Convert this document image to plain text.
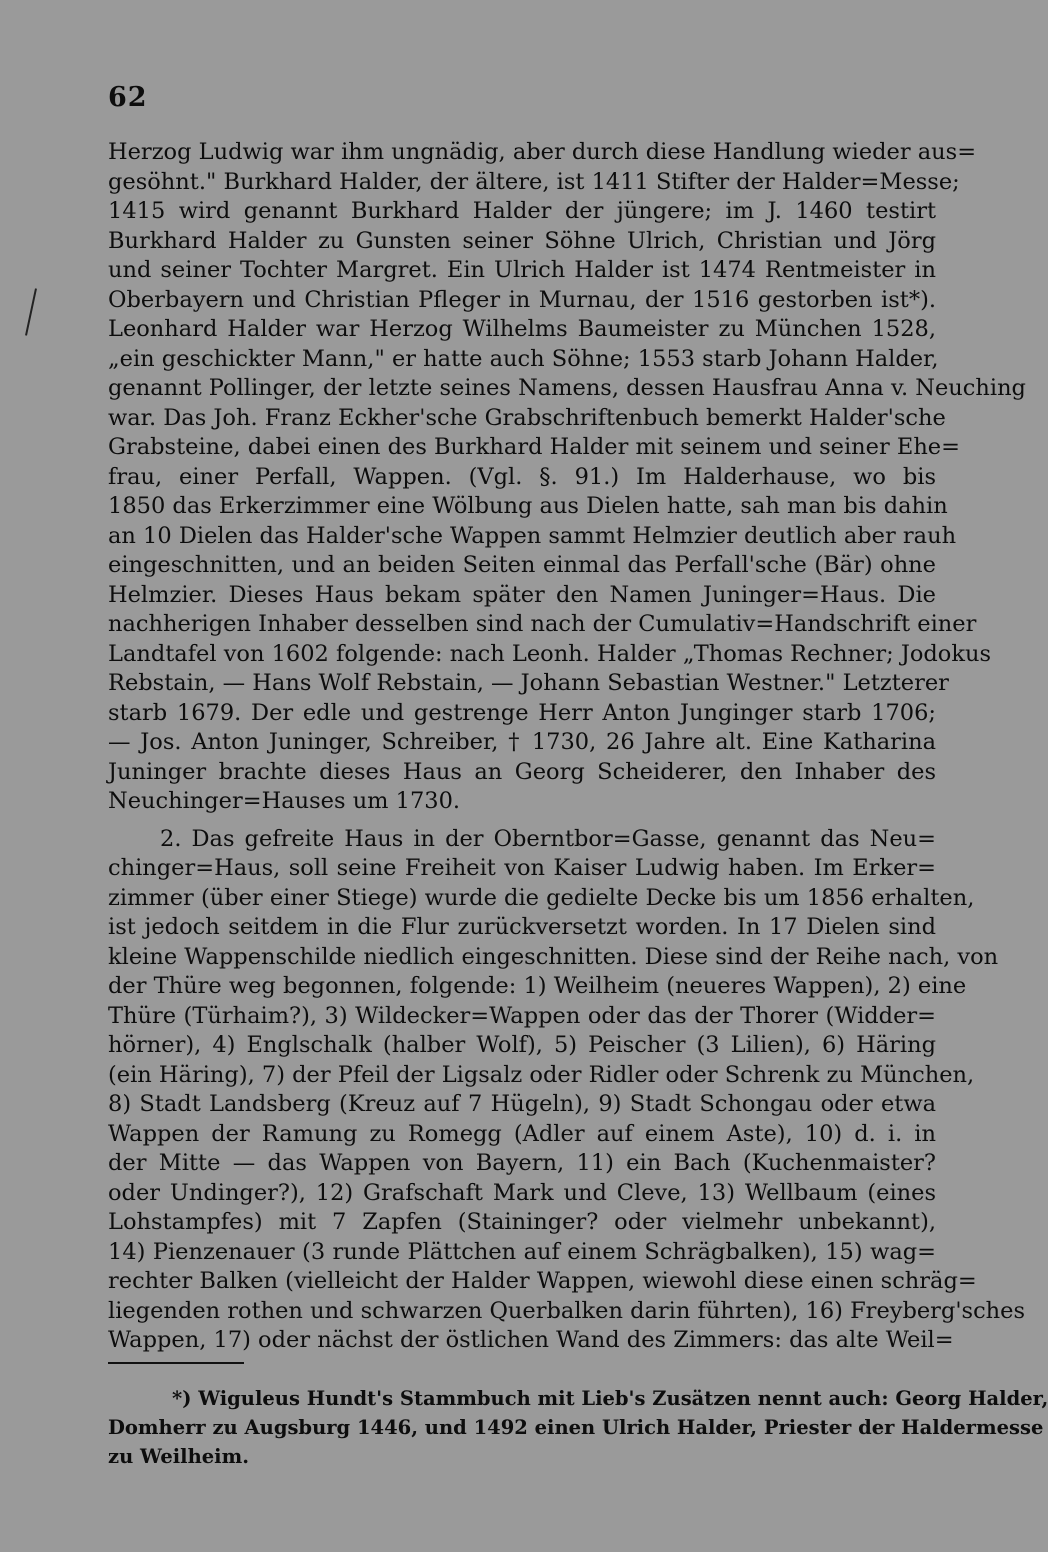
62
Herzog Ludwig war ihm ungnädig, aber durch diese Handlung wieder aus=
gesöhnt." Burkhard Halder, der ältere, ist 1411 Stifter der Halder=Messe;
1415 wird genannt Burkhard Halder der jüngere; im J. 1460 testirt
Burkhard Halder zu Gunsten seiner Söhne Ulrich, Christian und Jörg
und seiner Tochter Margret. Ein Ulrich Halder ist 1474 Rentmeister in
Oberbayern und Christian Pfleger in Murnau, der 1516 gestorben ist*).
Leonhard Halder war Herzog Wilhelms Baumeister zu München 1528,
„ein geschickter Mann," er hatte auch Söhne; 1553 starb Johann Halder,
genannt Pollinger, der letzte seines Namens, dessen Hausfrau Anna v. Neuching
war. Das Joh. Franz Eckher'sche Grabschriftenbuch bemerkt Halder'sche
Grabsteine, dabei einen des Burkhard Halder mit seinem und seiner Ehe=
frau, einer Perfall, Wappen. (Vgl. §. 91.) Im Halderhause, wo bis
1850 das Erkerzimmer eine Wölbung aus Dielen hatte, sah man bis dahin
an 10 Dielen das Halder'sche Wappen sammt Helmzier deutlich aber rauh
eingeschnitten, und an beiden Seiten einmal das Perfall'sche (Bär) ohne
Helmzier. Dieses Haus bekam später den Namen Juninger=Haus. Die
nachherigen Inhaber desselben sind nach der Cumulativ=Handschrift einer
Landtafel von 1602 folgende: nach Leonh. Halder „Thomas Rechner; Jodokus
Rebstain, — Hans Wolf Rebstain, — Johann Sebastian Westner." Letzterer
starb 1679. Der edle und gestrenge Herr Anton Junginger starb 1706;
— Jos. Anton Juninger, Schreiber, † 1730, 26 Jahre alt. Eine Katharina
Juninger brachte dieses Haus an Georg Scheiderer, den Inhaber des
Neuchinger=Hauses um 1730.
2. Das gefreite Haus in der Oberntbor=Gasse, genannt das Neu=
chinger=Haus, soll seine Freiheit von Kaiser Ludwig haben. Im Erker=
zimmer (über einer Stiege) wurde die gedielte Decke bis um 1856 erhalten,
ist jedoch seitdem in die Flur zurückversetzt worden. In 17 Dielen sind
kleine Wappenschilde niedlich eingeschnitten. Diese sind der Reihe nach, von
der Thüre weg begonnen, folgende: 1) Weilheim (neueres Wappen), 2) eine
Thüre (Türhaim?), 3) Wildecker=Wappen oder das der Thorer (Widder=
hörner), 4) Englschalk (halber Wolf), 5) Peischer (3 Lilien), 6) Häring
(ein Häring), 7) der Pfeil der Ligsalz oder Ridler oder Schrenk zu München,
8) Stadt Landsberg (Kreuz auf 7 Hügeln), 9) Stadt Schongau oder etwa
Wappen der Ramung zu Romegg (Adler auf einem Aste), 10) d. i. in
der Mitte — das Wappen von Bayern, 11) ein Bach (Kuchenmaister?
oder Undinger?), 12) Grafschaft Mark und Cleve, 13) Wellbaum (eines
Lohstampfes) mit 7 Zapfen (Staininger? oder vielmehr unbekannt),
14) Pienzenauer (3 runde Plättchen auf einem Schrägbalken), 15) wag=
rechter Balken (vielleicht der Halder Wappen, wiewohl diese einen schräg=
liegenden rothen und schwarzen Querbalken darin führten), 16) Freyberg'sches
Wappen, 17) oder nächst der östlichen Wand des Zimmers: das alte Weil=
*) Wiguleus Hundt's Stammbuch mit Lieb's Zusätzen nennt auch: Georg Halder,
Domherr zu Augsburg 1446, und 1492 einen Ulrich Halder, Priester der Haldermesse
zu Weilheim.
